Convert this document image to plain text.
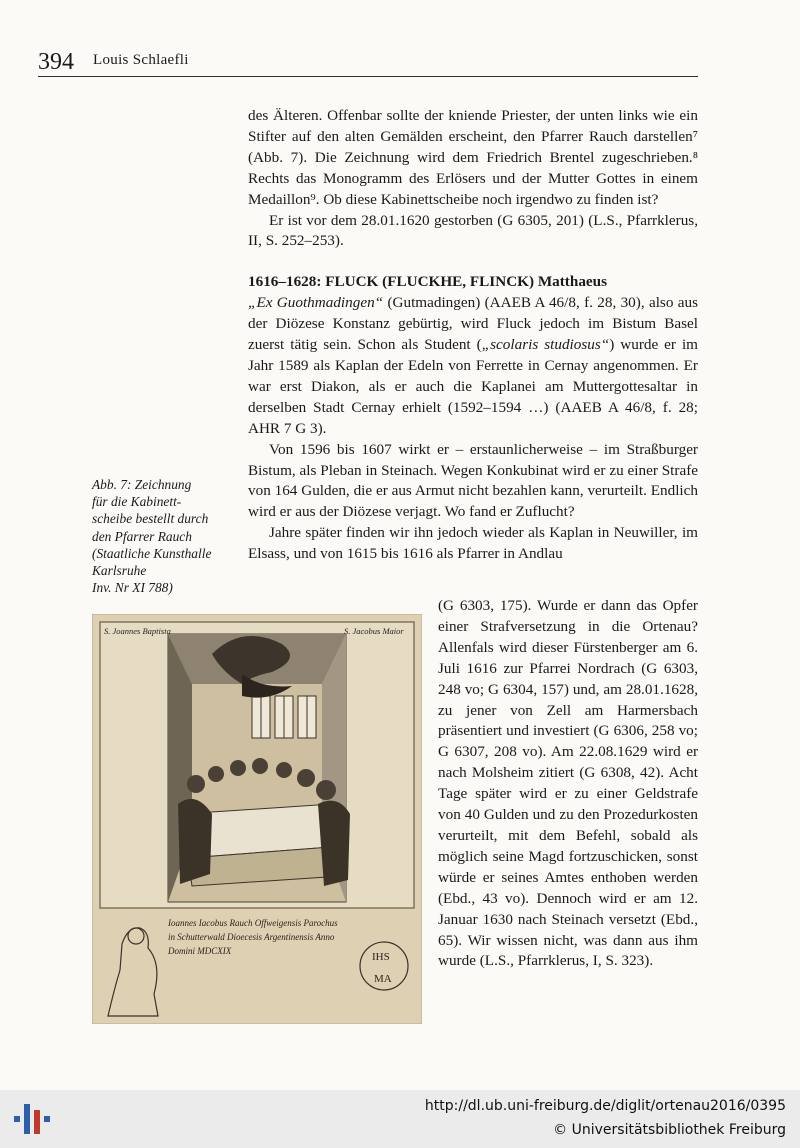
394 Louis Schlaefli

des Älteren. Offenbar sollte der kniende Priester, der unten links wie ein Stifter auf den alten Gemälden erscheint, den Pfarrer Rauch darstellen⁷ (Abb. 7). Die Zeichnung wird dem Friedrich Brentel zugeschrieben.⁸ Rechts das Monogramm des Erlösers und der Mutter Gottes in einem Medaillon⁹. Ob diese Kabinettscheibe noch irgendwo zu finden ist?

Er ist vor dem 28.01.1620 gestorben (G 6305, 201) (L.S., Pfarrklerus, II, S. 252–253).

1616–1628: FLUCK (FLUCKHE, FLINCK) Matthaeus

„Ex Guothmadingen“ (Gutmadingen) (AAEB A 46/8, f. 28, 30), also aus der Diözese Konstanz gebürtig, wird Fluck jedoch im Bistum Basel zuerst tätig sein. Schon als Student („scolaris studiosus“) wurde er im Jahr 1589 als Kaplan der Edeln von Ferrette in Cernay angenommen. Er war erst Diakon, als er auch die Kaplanei am Muttergottesaltar in derselben Stadt Cernay erhielt (1592–1594 …) (AAEB A 46/8, f. 28; AHR 7 G 3).

Von 1596 bis 1607 wirkt er – erstaunlicherweise – im Straßburger Bistum, als Pleban in Steinach. Wegen Konkubinat wird er zu einer Strafe von 164 Gulden, die er aus Armut nicht bezahlen kann, verurteilt. Endlich wird er aus der Diözese verjagt. Wo fand er Zuflucht?

Jahre später finden wir ihn jedoch wieder als Kaplan in Neuwiller, im Elsass, und von 1615 bis 1616 als Pfarrer in Andlau

Abb. 7: Zeichnung
für die Kabinett-
scheibe bestellt durch
den Pfarrer Rauch
(Staatliche Kunsthalle
Karlsruhe
Inv. Nr XI 788)
S. Joannes Baptista	S. Jacobus Maior
Ioannes Iacobus Rauch Offweigensis Parochus
in Schutterwald Dioecesis Argentinensis Anno
Domini MDCXIX	IHS
MA
(G 6303, 175). Wurde er dann das Opfer einer Strafversetzung in die Ortenau? Allenfals wird dieser Fürstenberger am 6. Juli 1616 zur Pfarrei Nordrach (G 6303, 248 vo; G 6304, 157) und, am 28.01.1628, zu jener von Zell am Harmersbach präsentiert und investiert (G 6306, 258 vo; G 6307, 208 vo). Am 22.08.1629 wird er nach Molsheim zitiert (G 6308, 42). Acht Tage später wird er zu einer Geldstrafe von 40 Gulden und zu den Prozedurkosten verurteilt, mit dem Befehl, sobald als möglich seine Magd fortzuschicken, sonst würde er seines Amtes enthoben werden (Ebd., 43 vo). Dennoch wird er am 12. Januar 1630 nach Steinach versetzt (Ebd., 65). Wir wissen nicht, was dann aus ihm wurde (L.S., Pfarrklerus, I, S. 323).
http://dl.ub.uni-freiburg.de/diglit/ortenau2016/0395
© Universitätsbibliothek Freiburg
